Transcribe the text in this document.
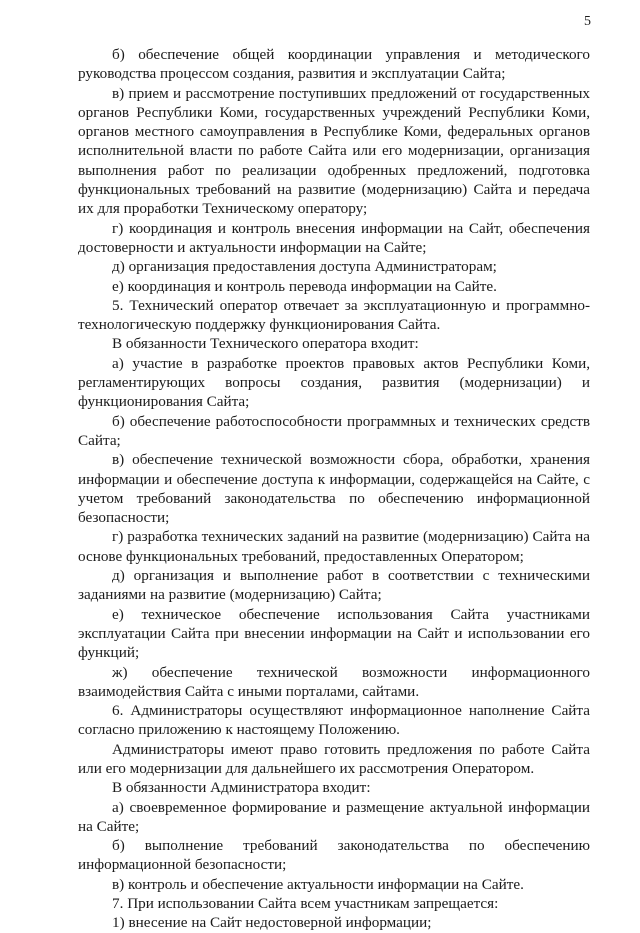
5

б) обеспечение общей координации управления и методического руководства процессом создания, развития и эксплуатации Сайта;

в) прием и рассмотрение поступивших предложений от государственных органов Республики Коми, государственных учреждений Республики Коми, органов местного самоуправления в Республике Коми, федеральных органов исполнительной власти по работе Сайта или его модернизации, организация выполнения работ по реализации одобренных предложений, подготовка функциональных требований на развитие (модернизацию) Сайта и передача их для проработки Техническому оператору;

г) координация и контроль внесения информации на Сайт, обеспечения достоверности и актуальности информации на Сайте;

д) организация предоставления доступа Администраторам;

е) координация и контроль перевода информации на Сайте.

5. Технический оператор отвечает за эксплуатационную и программно-технологическую поддержку функционирования Сайта.

В обязанности Технического оператора входит:

а) участие в разработке проектов правовых актов Республики Коми, регламентирующих вопросы создания, развития (модернизации) и функционирования Сайта;

б) обеспечение работоспособности программных и технических средств Сайта;

в) обеспечение технической возможности сбора, обработки, хранения информации и обеспечение доступа к информации, содержащейся на Сайте, с учетом требований законодательства по обеспечению информационной безопасности;

г) разработка технических заданий на развитие (модернизацию) Сайта на основе функциональных требований, предоставленных Оператором;

д) организация и выполнение работ в соответствии с техническими заданиями на развитие (модернизацию) Сайта;

е) техническое обеспечение использования Сайта участниками эксплуатации Сайта при внесении информации на Сайт и использовании его функций;

ж) обеспечение технической возможности информационного взаимодействия Сайта с иными порталами, сайтами.

6. Администраторы осуществляют информационное наполнение Сайта согласно приложению к настоящему Положению.

Администраторы имеют право готовить предложения по работе Сайта или его модернизации для дальнейшего их рассмотрения Оператором.

В обязанности Администратора входит:

а) своевременное формирование и размещение актуальной информации на Сайте;

б) выполнение требований законодательства по обеспечению информационной безопасности;

в) контроль и обеспечение актуальности информации на Сайте.

7. При использовании Сайта всем участникам запрещается:

1) внесение на Сайт недостоверной информации;
